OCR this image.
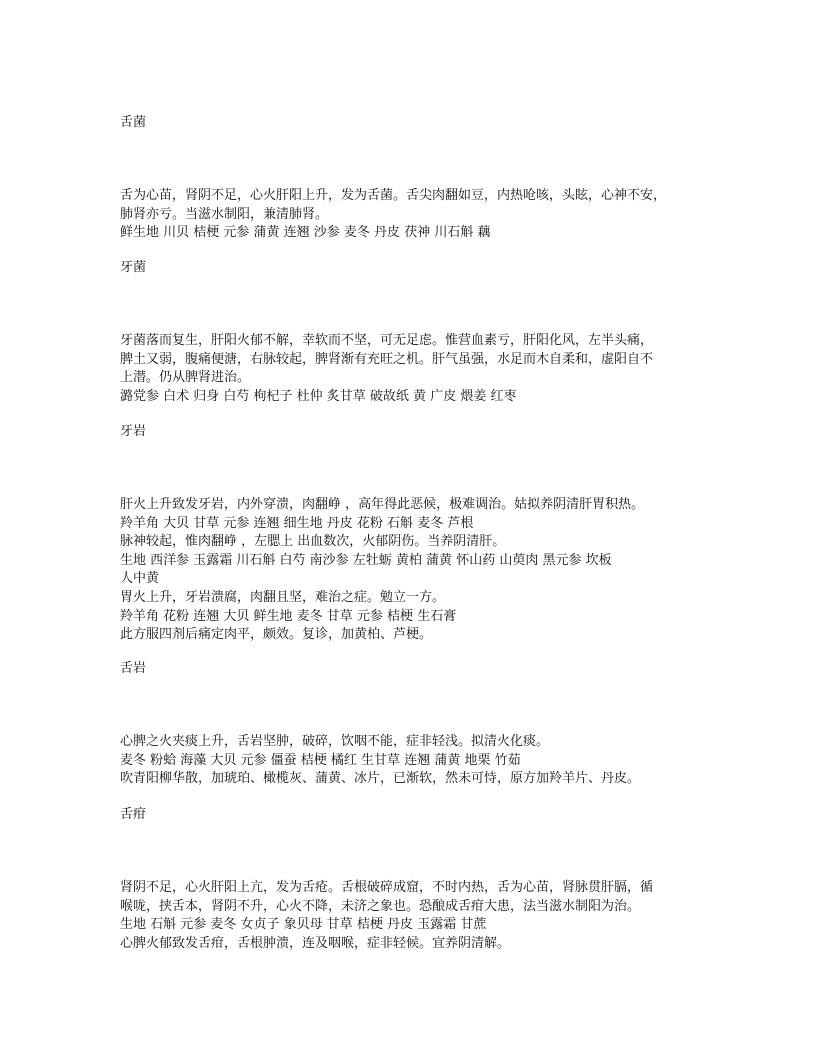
舌菌
舌为心苗，肾阴不足，心火肝阳上升，发为舌菌。舌尖肉翻如豆，内热呛咳，头眩，心神不安，
肺肾亦亏。当滋水制阳，兼清肺肾。
鲜生地 川贝 桔梗 元参 蒲黄 连翘 沙参 麦冬 丹皮 茯神 川石斛 藕
牙菌
牙菌落而复生，肝阳火郁不解，幸软而不坚，可无足虑。惟营血素亏，肝阳化风，左半头痛，
脾土又弱，腹痛便溏，右脉较起，脾肾渐有充旺之机。肝气虽强，水足而木自柔和，虚阳自不
上潜。仍从脾肾进治。
潞党参 白术 归身 白芍 枸杞子 杜仲 炙甘草 破故纸 黄 广皮 煨姜 红枣
牙岩
肝火上升致发牙岩，内外穿溃，肉翻峥 ，高年得此恶候，极难调治。姑拟养阴清肝胃积热。
羚羊角 大贝 甘草 元参 连翘 细生地 丹皮 花粉 石斛 麦冬 芦根
脉神较起，惟肉翻峥 ，左腮上 出血数次，火郁阴伤。当养阴清肝。
生地 西洋参 玉露霜 川石斛 白芍 南沙参 左牡蛎 黄柏 蒲黄 怀山药 山萸肉 黑元参 坎板
人中黄
胃火上升，牙岩溃腐，肉翻且坚，难治之症。勉立一方。
羚羊角 花粉 连翘 大贝 鲜生地 麦冬 甘草 元参 桔梗 生石膏
此方服四剂后痛定肉平，颇效。复诊，加黄柏、芦梗。
舌岩
心脾之火夹痰上升，舌岩坚肿，破碎，饮咽不能，症非轻浅。拟清火化痰。
麦冬 粉蛤 海藻 大贝 元参 僵蚕 桔梗 橘红 生甘草 连翘 蒲黄 地栗 竹茹
吹青阳柳华散，加琥珀、橄榄灰、蒲黄、冰片，已渐软，然未可恃，原方加羚羊片、丹皮。
舌疳
肾阴不足，心火肝阳上亢，发为舌疮。舌根破碎成窟，不时内热，舌为心苗，肾脉贯肝膈，循
喉咙，挟舌本，肾阴不升，心火不降，未济之象也。恐酿成舌疳大患，法当滋水制阳为治。
生地 石斛 元参 麦冬 女贞子 象贝母 甘草 桔梗 丹皮 玉露霜 甘蔗
心脾火郁致发舌疳，舌根肿溃，连及咽喉，症非轻候。宜养阴清解。
